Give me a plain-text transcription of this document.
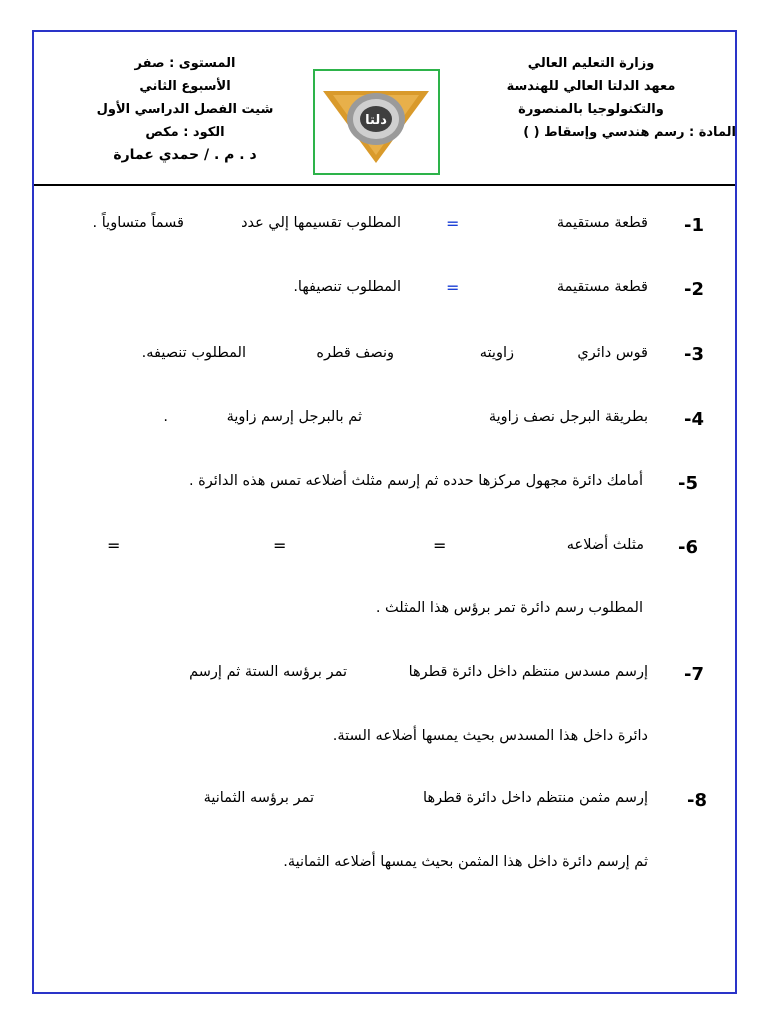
وزارة التعليم العالي
معهد الدلتا العالي للهندسة
والتكنولوجيا بالمنصورة
المادة : رسم هندسي وإسقاط ( )
دلتا
المستوى : صفر
الأسبوع الثاني
شيت الفصل الدراسي الأول
الكود : مكص
د . م . / حمدي عمارة
-1
قطعة مستقيمة
=
المطلوب تقسيمها إلي عدد
قسماً متساوياً .
-2
قطعة مستقيمة
=
المطلوب تنصيفها.
-3
قوس دائري
زاويته
ونصف قطره
المطلوب تنصيفه.
-4
بطريقة البرجل نصف زاوية
ثم بالبرجل إرسم زاوية
.
-5
أمامك دائرة مجهول مركزها حدده ثم إرسم مثلث أضلاعه تمس هذه الدائرة .
-6
مثلث أضلاعه
=
=
=
المطلوب رسم دائرة تمر برؤس هذا المثلث .
-7
إرسم مسدس منتظم داخل دائرة قطرها
تمر برؤسه الستة ثم إرسم
دائرة داخل هذا المسدس بحيث يمسها أضلاعه الستة.
-8
إرسم مثمن منتظم داخل دائرة قطرها
تمر برؤسه الثمانية
ثم إرسم دائرة داخل هذا المثمن بحيث يمسها أضلاعه الثمانية.
